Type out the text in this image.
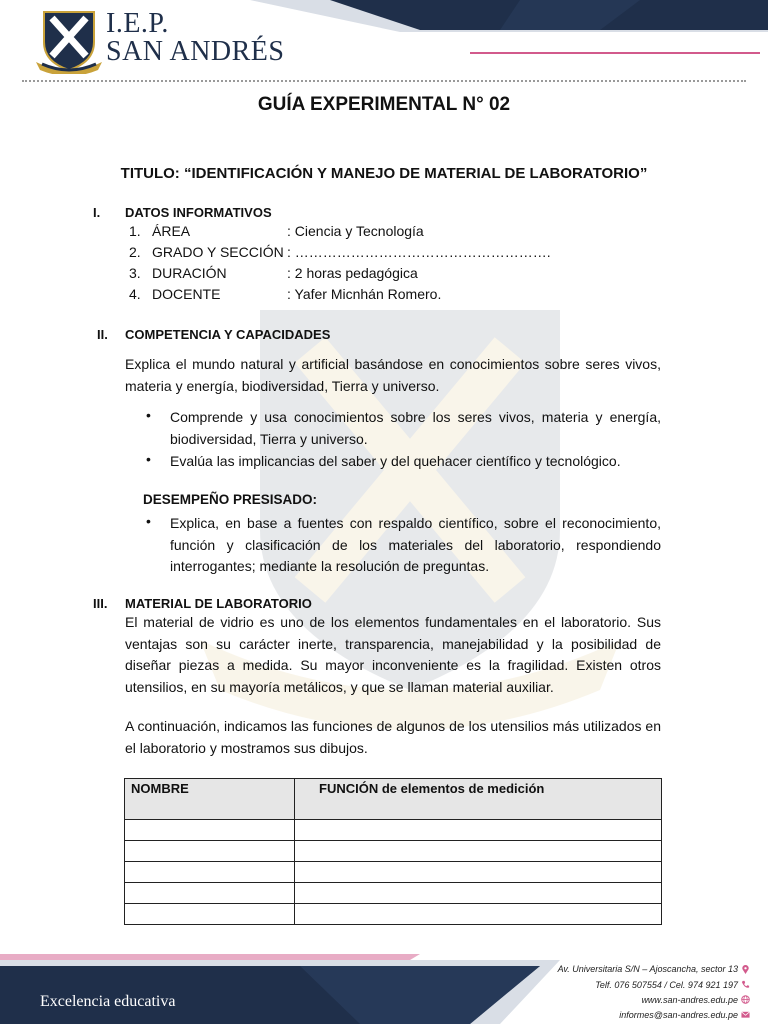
I.E.P.
SAN ANDRÉS
GUÍA EXPERIMENTAL N° 02
TITULO: “IDENTIFICACIÓN Y MANEJO DE MATERIAL DE LABORATORIO”
I. DATOS INFORMATIVOS
1. ÁREA	: Ciencia y Tecnología
2. GRADO Y SECCIÓN : ……………………………………………….
3. DURACIÓN	: 2 horas pedagógica
4. DOCENTE	: Yafer Micnhán Romero.
II. COMPETENCIA Y CAPACIDADES
Explica el mundo natural y artificial basándose en conocimientos sobre seres vivos, materia y energía, biodiversidad, Tierra y universo.
• Comprende y usa conocimientos sobre los seres vivos, materia y energía, biodiversidad, Tierra y universo.
• Evalúa las implicancias del saber y del quehacer científico y tecnológico.
DESEMPEÑO PRESISADO:
• Explica, en base a fuentes con respaldo científico, sobre el reconocimiento, función y clasificación de los materiales del laboratorio, respondiendo interrogantes; mediante la resolución de preguntas.
III. MATERIAL DE LABORATORIO
El material de vidrio es uno de los elementos fundamentales en el laboratorio. Sus ventajas son su carácter inerte, transparencia, manejabilidad y la posibilidad de diseñar piezas a medida. Su mayor inconveniente es la fragilidad. Existen otros utensilios, en su mayoría metálicos, y que se llaman material auxiliar.
A continuación, indicamos las funciones de algunos de los utensilios más utilizados en el laboratorio y mostramos sus dibujos.
NOMBRE	FUNCIÓN de elementos de medición

Excelencia educativa
Av. Universitaria S/N – Ajoscancha, sector 13
Telf. 076 507554 / Cel. 974 921 197
www.san-andres.edu.pe
informes@san-andres.edu.pe
